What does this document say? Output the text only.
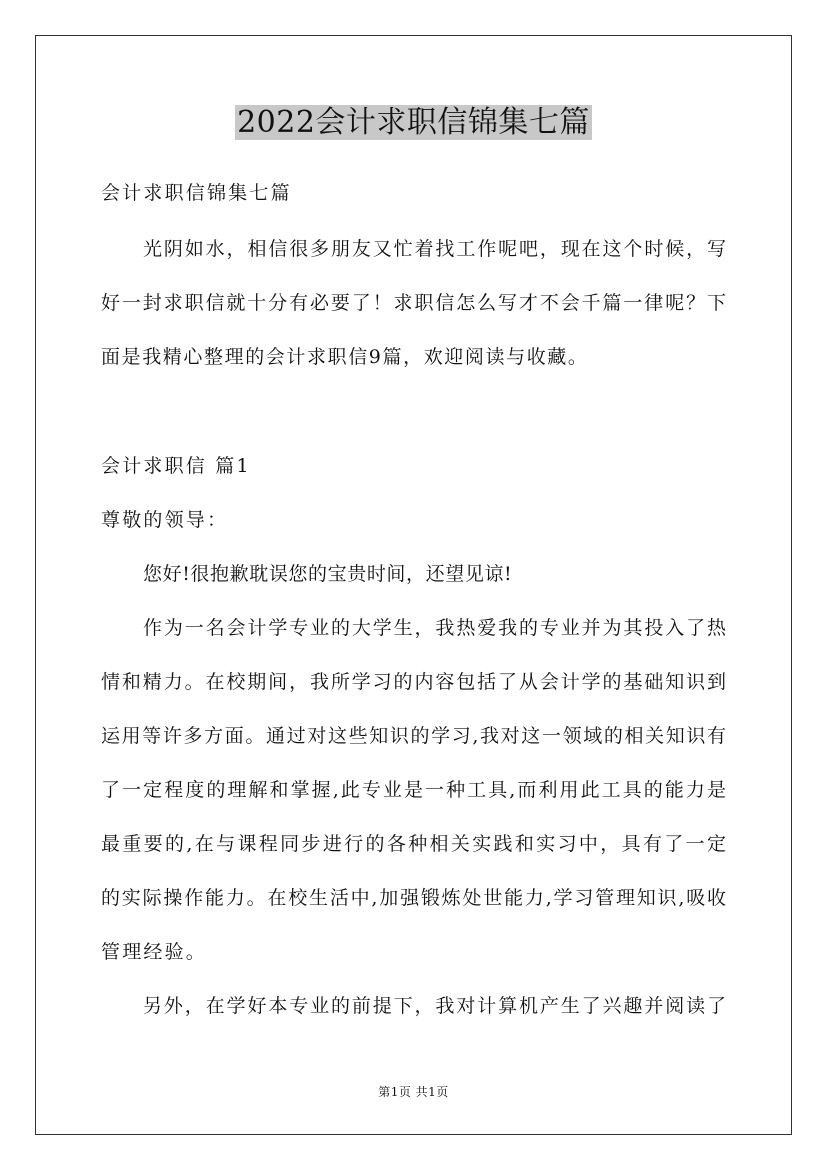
2022会计求职信锦集七篇

会计求职信锦集七篇

光阴如水，相信很多朋友又忙着找工作呢吧，现在这个时候，写

好一封求职信就十分有必要了！求职信怎么写才不会千篇一律呢？下

面是我精心整理的会计求职信9篇，欢迎阅读与收藏。

会计求职信 篇1

尊敬的领导：

您好!很抱歉耽误您的宝贵时间，还望见谅!

作为一名会计学专业的大学生，我热爱我的专业并为其投入了热

情和精力。在校期间，我所学习的内容包括了从会计学的基础知识到

运用等许多方面。通过对这些知识的学习,我对这一领域的相关知识有

了一定程度的理解和掌握,此专业是一种工具,而利用此工具的能力是

最重要的,在与课程同步进行的各种相关实践和实习中，具有了一定

的实际操作能力。在校生活中,加强锻炼处世能力,学习管理知识,吸收

管理经验。

另外，在学好本专业的前提下，我对计算机产生了兴趣并阅读了

第1页 共1页
